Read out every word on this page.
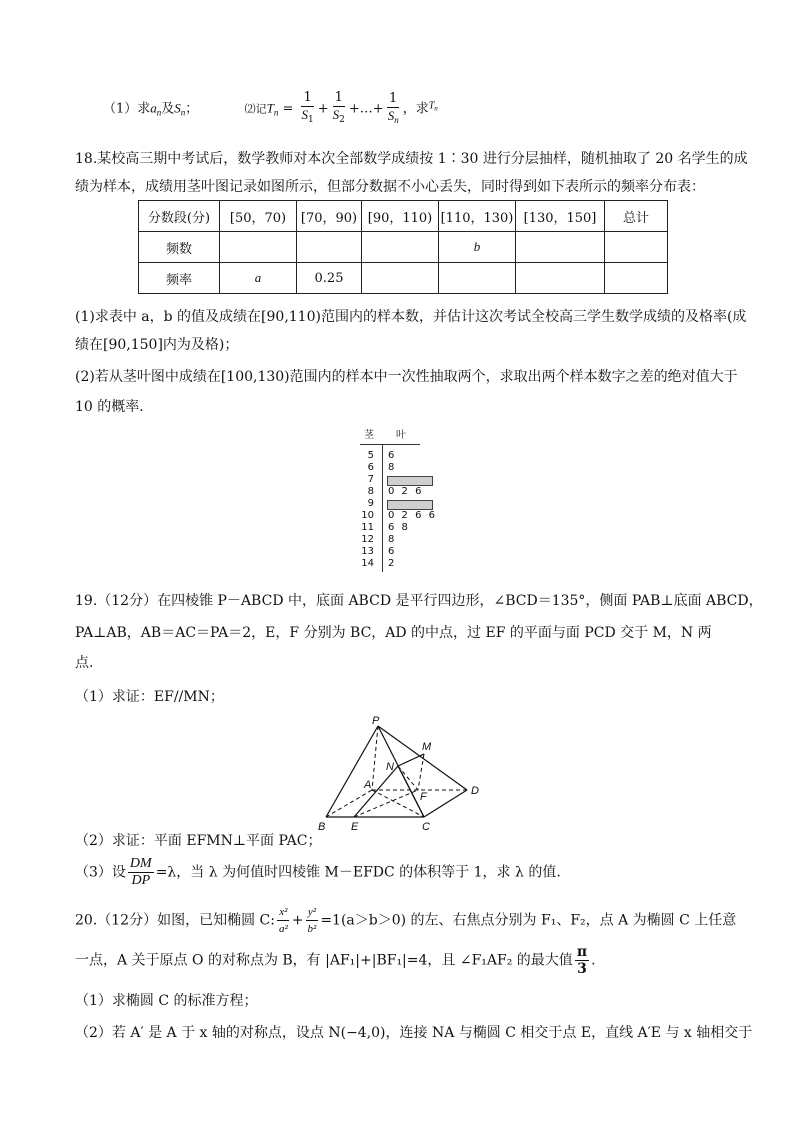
（1）求$a_n$及$S_n$；	⑵记$T_n = \frac{1}{S_1} + \frac{1}{S_2}$ +…+ $\frac{1}{S_n}$ ，求$^{Tn}$
18.某校高三期中考试后，数学教师对本次全部数学成绩按 1∶30 进行分层抽样，随机抽取了 20 名学生的成
绩为样本，成绩用茎叶图记录如图所示，但部分数据不小心丢失，同时得到如下表所示的频率分布表：
分数段(分)	[50，70)	[70，90)	[90，110)	[110，130)	[130，150]	总计
频数				b		
频率	a	0.25				
(1)求表中 a，b 的值及成绩在[90,110)范围内的样本数，并估计这次考试全校高三学生数学成绩的及格率(成
绩在[90,150]内为及格)；
(2)若从茎叶图中成绩在[100,130)范围内的样本中一次性抽取两个，求取出两个样本数字之差的绝对值大于
10 的概率.
茎 叶
5 6
6 8
7
8 0 2 6
9
10 0 2 6 6
11 6 8
12 8
13 6
14 2
19.（12分）在四棱锥 P－ABCD 中，底面 ABCD 是平行四边形，∠BCD＝135°，侧面 PAB⊥底面 ABCD，
PA⊥AB，AB＝AC＝PA＝2，E，F 分别为 BC，AD 的中点，过 EF 的平面与面 PCD 交于 M，N 两
点.
（1）求证：EF//MN；
P
M
N
A
F	D
B E	C
（2）求证：平面 EFMN⊥平面 PAC；
（3）设 $\frac{DM}{DP} =\lambda$，当 λ 为何值时四棱锥 M－EFDC 的体积等于 1，求 λ 的值.
20.（12分）如图，已知椭圆 C: $\frac{\text{x²}}{\text{a²}} + \frac{\text{y²}}{\text{b²}} =1(a>b>0)$ 的左、右焦点分别为 F₁、F₂，点 A 为椭圆 C 上任意
一点，A 关于原点 O 的对称点为 B，有 |AF₁|+|BF₁|=4，且 ∠F₁AF₂ 的最大值 $\frac{\pi}{3}$ .
（1）求椭圆 C 的标准方程；
（2）若 A′ 是 A 于 x 轴的对称点，设点 N(−4,0)，连接 NA 与椭圆 C 相交于点 E，直线 A′E 与 x 轴相交于
